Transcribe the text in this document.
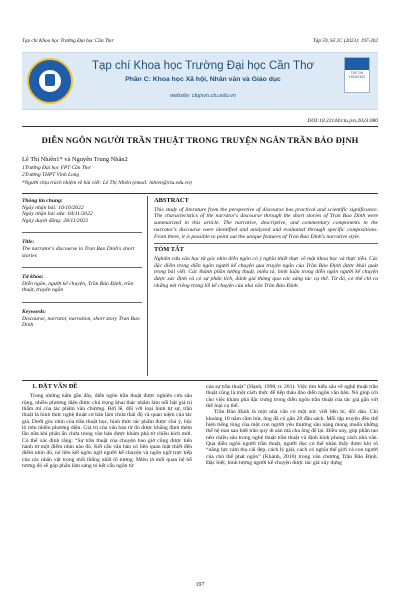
Tạp chí Khoa học Trường Đại học Cần Thơ	Tập 59, Số 2C (2023): 197-202
Tạp chí Khoa học Trường Đại học Cần Thơ
Phần C: Khoa học Xã hội, Nhân văn và Giáo dục
website: ctujsvn.ctu.edu.vn
TẠP CHÍ KHOA HỌC
DOI:10.22144/ctu.jvn.2023.080
DIỄN NGÔN NGƯỜI TRẦN THUẬT TRONG TRUYỆN NGẮN TRẦN BẢO ĐỊNH
Lê Thị Nhiên1* và Nguyễn Trung Nhân2
1Trường Đại học FPT Cần Thơ
2Trường THPT Vĩnh Long
*Người chịu trách nhiệm về bài viết: Lê Thị Nhiên (email: lnhien@ctu.edu.vn)

Thông tin chung:

Ngày nhận bài: 10/10/2022

Ngày nhận bài sửa: 04/11/2022

Ngày duyệt đăng: 28/11/2022

Title:

The narrator's discourse in Tran Bao Dinh's short stories

Từ khóa:

Diễn ngôn, người kể chuyện, Trần Bảo Định, trần thuật, truyện ngắn

Keywords:

Discourse, narrator, narration, short story Tran Bao Dinh

ABSTRACT

This study of literature from the perspective of discourse has practical and scientific significance. The characteristics of the narrator's discourse through the short stories of Tran Bao Dinh were summarized in this article. The narrative, descriptive, and commentary components in the narrator's discourse were identified and analyzed and evaluated through specific compositions. From there, it is possible to point out the unique features of Tran Bao Dinh's narrative style.

TÓM TẮT

Nghiên cứu văn học từ góc nhìn diễn ngôn có ý nghĩa thiết thực về mặt khoa học và thực tiễn. Các đặc điểm trong diễn ngôn người kể chuyện qua truyện ngắn của Trần Bảo Định được khái quát trong bài viết. Các thành phần tường thuật, miêu tả, bình luận trong diễn ngôn người kể chuyện được xác định và có sự phân tích, đánh giá thông qua các sáng tác cụ thể. Từ đó, có thể chỉ ra những nét riêng trong lối kể chuyện của nhà văn Trần Bảo Định.

1. ĐẶT VẤN ĐỀ

Trong những năm gần đây, diễn ngôn trần thuật được nghiên cứu sâu rộng, nhiều phương diện được chú trọng khai thác nhằm làm nổi bật giá trị thẩm mĩ của tác phẩm văn chương. Bởi lẽ, đối với loại hình tự sự, trần thuật là hình thức nghệ thuật cơ bản làm chứa thái độ và quan niệm của tác giả. Dưới góc nhìn của trần thuật học, hình thức tác phẩm được chú ý, bộc lộ trên nhiều phương diện. Giá trị của văn bản từ đó được khẳng định thêm lần nữa khi phân ẩn chứa trong văn bản được khám phá từ chiều kích mới. Có thể xác định rằng: “Sự trần thuật của chuyện bao giờ cũng được tiến hành từ một điểm nhìn nào đó. Kết cấu văn bản có liên quan mật thiết đến điểm nhìn đó, nó liên kết ngôn ngữ người kể chuyện và ngôn ngữ trực tiếp của các nhân vật trong mối thống nhất tổ tương. Miêu tả mối quan hệ hỗ tương đó sẽ góp phần làm sáng tỏ kết cấu ngôn từ

của sự trần thuật” (Hạnh, 1998, tr. 201). Việc tìm hiểu sâu về nghệ thuật trần thuật cũng là một cách thức để tiếp thâu đáo diễn ngôn văn bản. Nó giúp ích cho việc khám phá đặc trưng trong diễn ngôn trần thuật của tác giả gắn với thể loại cụ thể.

Trần Bảo Định là một nhà văn có một sức viết bền bỉ, dồi dào. Chỉ khoảng 10 năm cầm bút, ông đã có gần 20 đầu sách. Mỗi tập truyện đều thể hiện tiếng lòng của một con người yêu thương sâu nặng mong muốn những thế hệ mai sau biết trân quý di sản mà cha ông để lại. Điều này, góp phần tạo nên chiều sâu trong nghệ thuật trần thuật và định hình phong cách nhà văn. Qua diễn ngôn người trần thuật, người đọc có thể nhận thấy được khí rõ “năng lực cảm thụ cái đẹp, cách lý giải, cách có nghĩa thế giới và con người của chủ thể phát ngôn” (Khánh, 2010) trong văn chương Trần Bảo Định. Đặc biệt, hình tượng người kể chuyện được tác giả xây dựng

197
